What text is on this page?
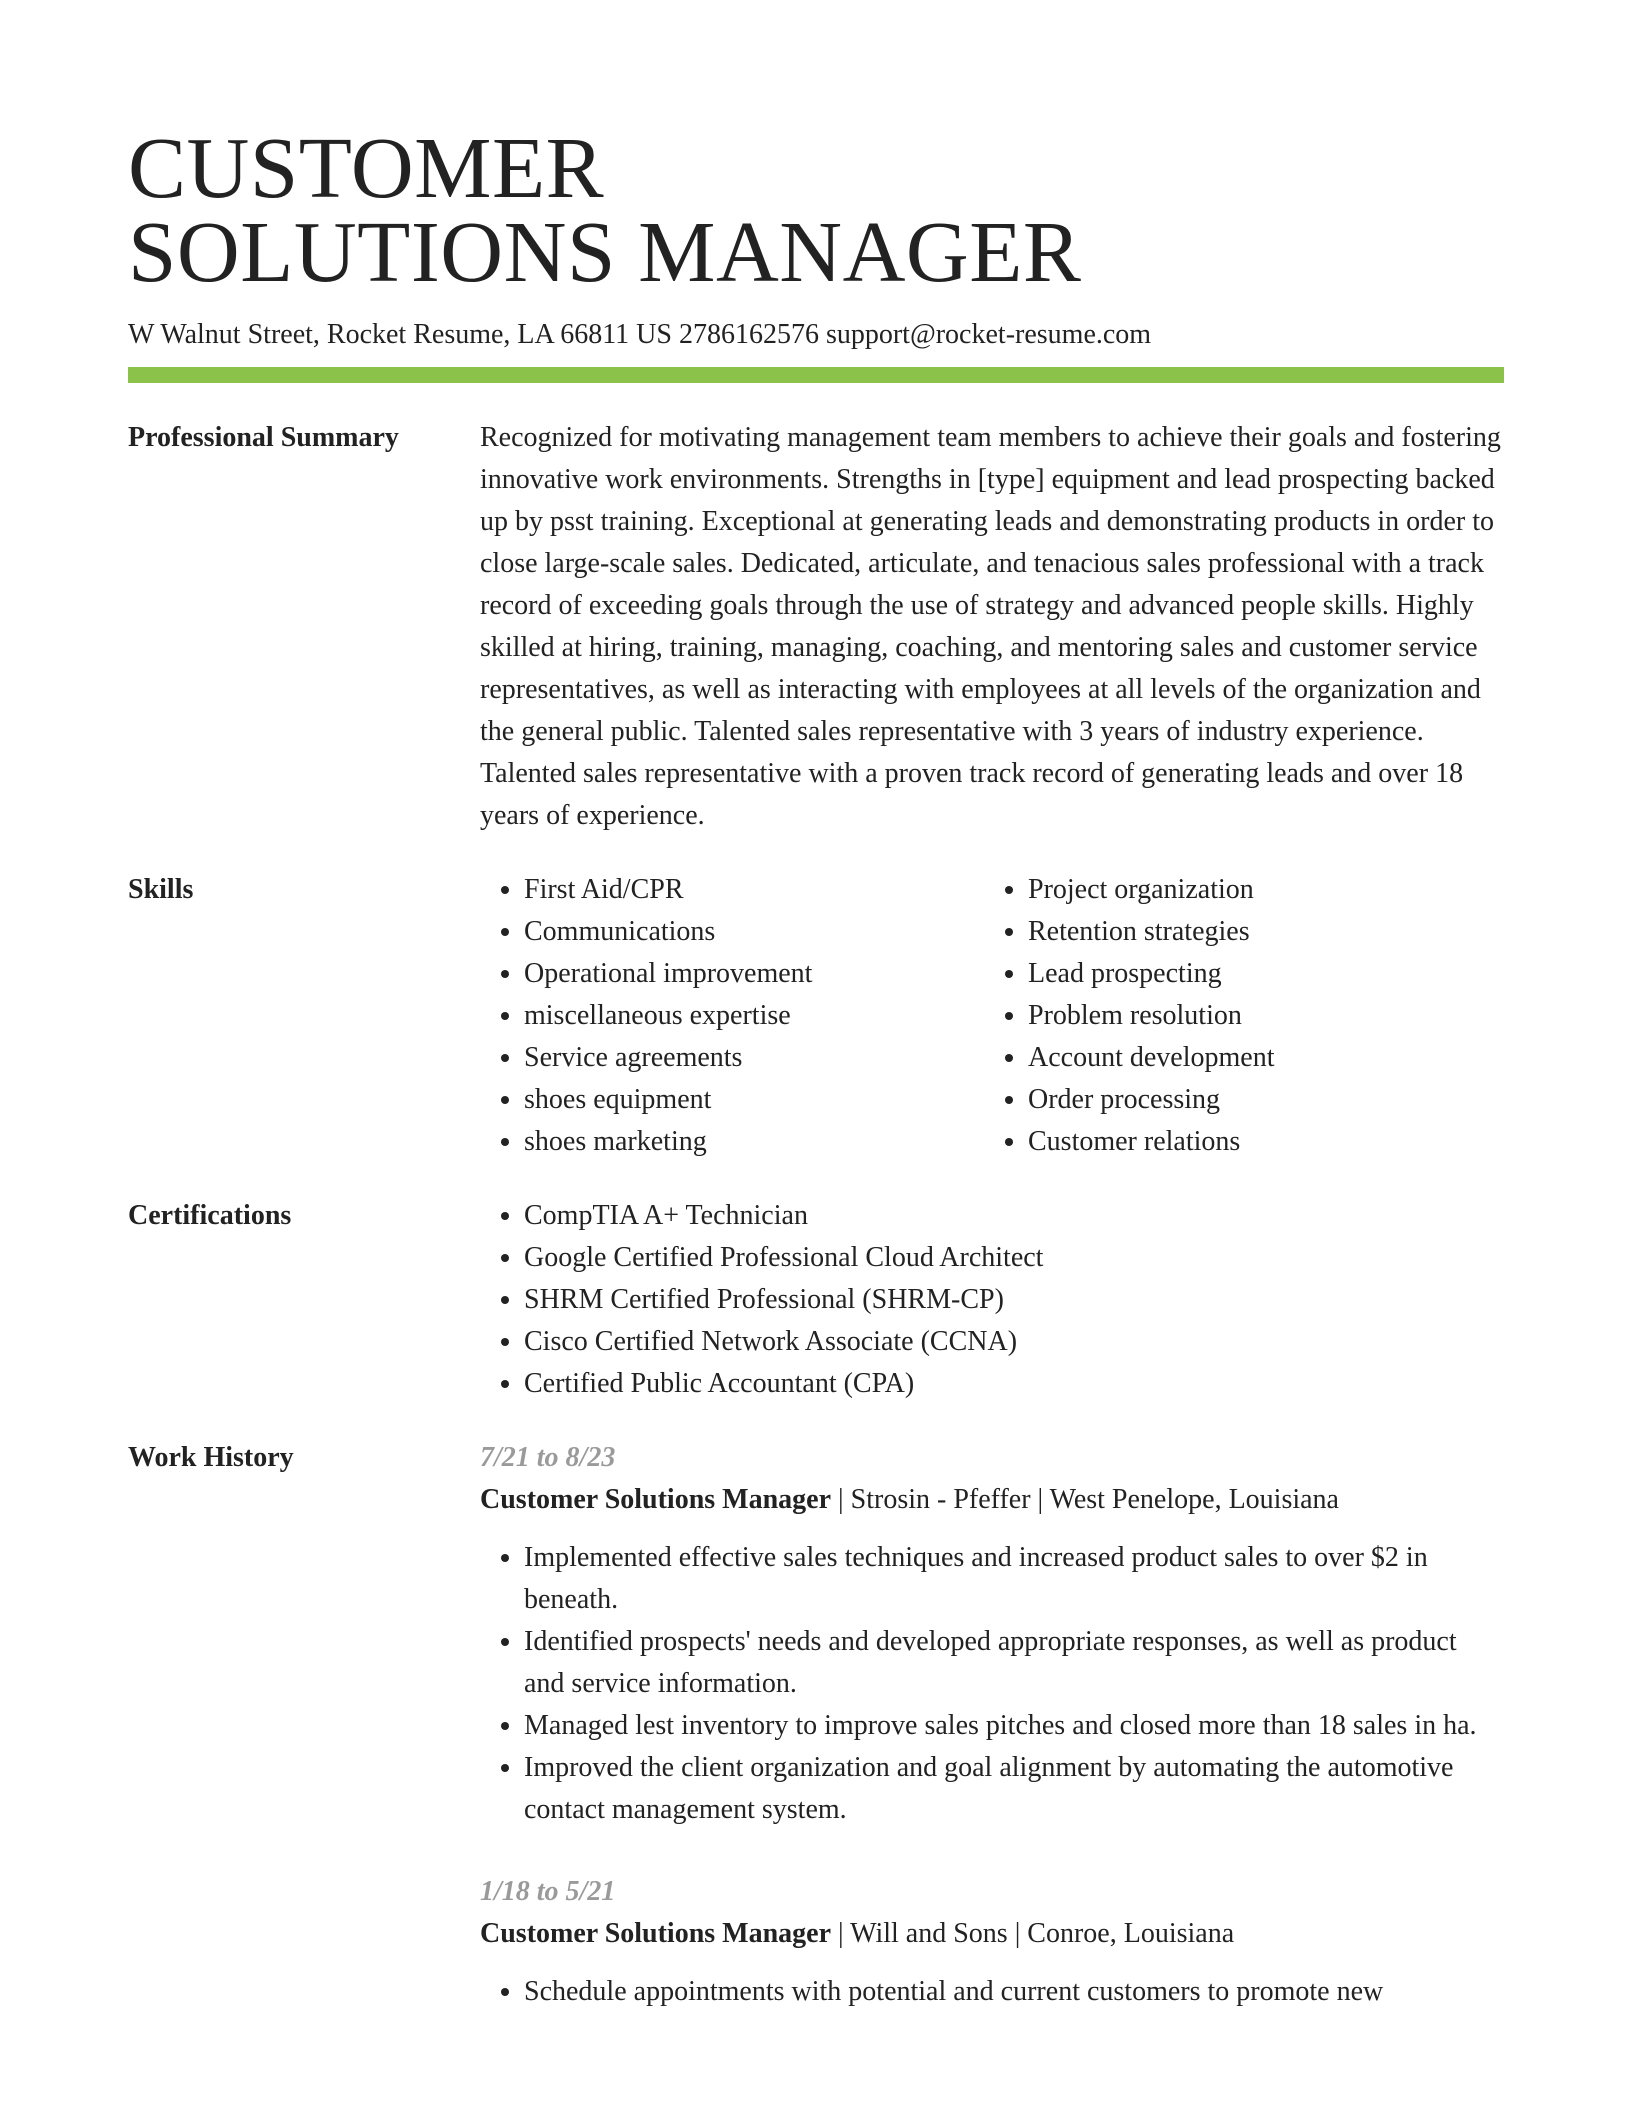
CUSTOMER
SOLUTIONS MANAGER
W Walnut Street, Rocket Resume, LA 66811 US 2786162576 support@rocket-resume.com
Professional Summary	Recognized for motivating management team members to achieve their goals and fostering innovative work environments. Strengths in [type] equipment and lead prospecting backed up by psst training. Exceptional at generating leads and demonstrating products in order to close large-scale sales. Dedicated, articulate, and tenacious sales professional with a track record of exceeding goals through the use of strategy and advanced people skills. Highly skilled at hiring, training, managing, coaching, and mentoring sales and customer service representatives, as well as interacting with employees at all levels of the organization and the general public. Talented sales representative with 3 years of industry experience. Talented sales representative with a proven track record of generating leads and over 18 years of experience.

Skills	• First Aid/CPR
• Communications
• Operational improvement
• miscellaneous expertise
• Service agreements
• shoes equipment
• shoes marketing
• Project organization
• Retention strategies
• Lead prospecting
• Problem resolution
• Account development
• Order processing
• Customer relations
Certifications	• CompTIA A+ Technician
• Google Certified Professional Cloud Architect
• SHRM Certified Professional (SHRM-CP)
• Cisco Certified Network Associate (CCNA)
• Certified Public Accountant (CPA)
Work History	7/21 to 8/23
Customer Solutions Manager | Strosin - Pfeffer | West Penelope, Louisiana
• Implemented effective sales techniques and increased product sales to over $2 in beneath.
• Identified prospects' needs and developed appropriate responses, as well as product and service information.
• Managed lest inventory to improve sales pitches and closed more than 18 sales in ha.
• Improved the client organization and goal alignment by automating the automotive contact management system.
1/18 to 5/21
Customer Solutions Manager | Will and Sons | Conroe, Louisiana
• Schedule appointments with potential and current customers to promote new
